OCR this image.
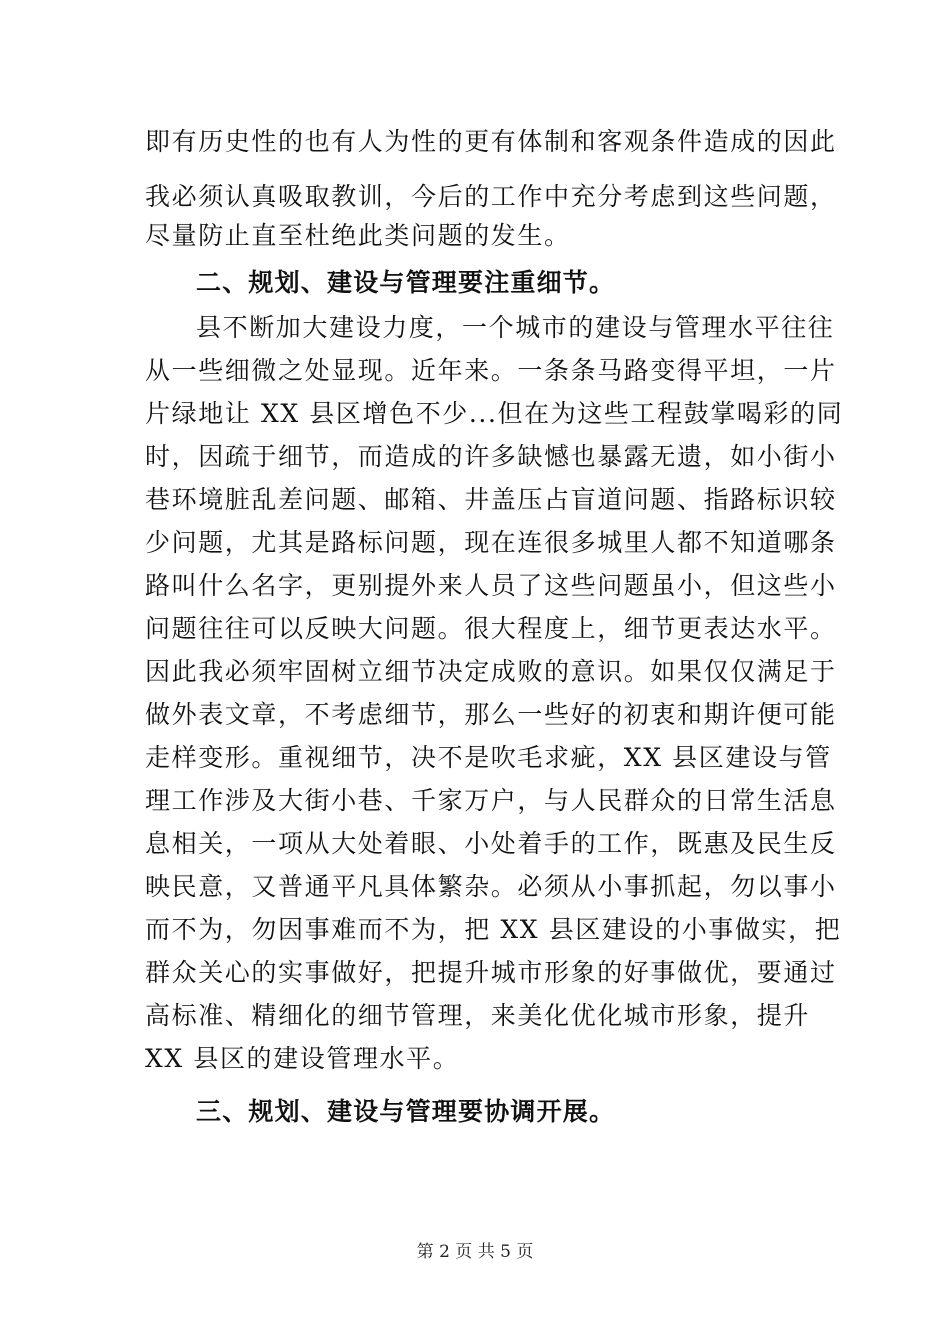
即有历史性的也有人为性的更有体制和客观条件造成的因此
我必须认真吸取教训，今后的工作中充分考虑到这些问题，
尽量防止直至杜绝此类问题的发生。
二、规划、建设与管理要注重细节。
县不断加大建设力度，一个城市的建设与管理水平往往
从一些细微之处显现。近年来。一条条马路变得平坦，一片
片绿地让 XX 县区增色不少...但在为这些工程鼓掌喝彩的同
时，因疏于细节，而造成的许多缺憾也暴露无遗，如小街小
巷环境脏乱差问题、邮箱、井盖压占盲道问题、指路标识较
少问题，尤其是路标问题，现在连很多城里人都不知道哪条
路叫什么名字，更别提外来人员了这些问题虽小，但这些小
问题往往可以反映大问题。很大程度上，细节更表达水平。
因此我必须牢固树立细节决定成败的意识。如果仅仅满足于
做外表文章，不考虑细节，那么一些好的初衷和期许便可能
走样变形。重视细节，决不是吹毛求疵，XX 县区建设与管
理工作涉及大街小巷、千家万户，与人民群众的日常生活息
息相关，一项从大处着眼、小处着手的工作，既惠及民生反
映民意，又普通平凡具体繁杂。必须从小事抓起，勿以事小
而不为，勿因事难而不为，把 XX 县区建设的小事做实，把
群众关心的实事做好，把提升城市形象的好事做优，要通过
高标准、精细化的细节管理，来美化优化城市形象，提升
XX 县区的建设管理水平。
三、规划、建设与管理要协调开展。
第 2 页 共 5 页
